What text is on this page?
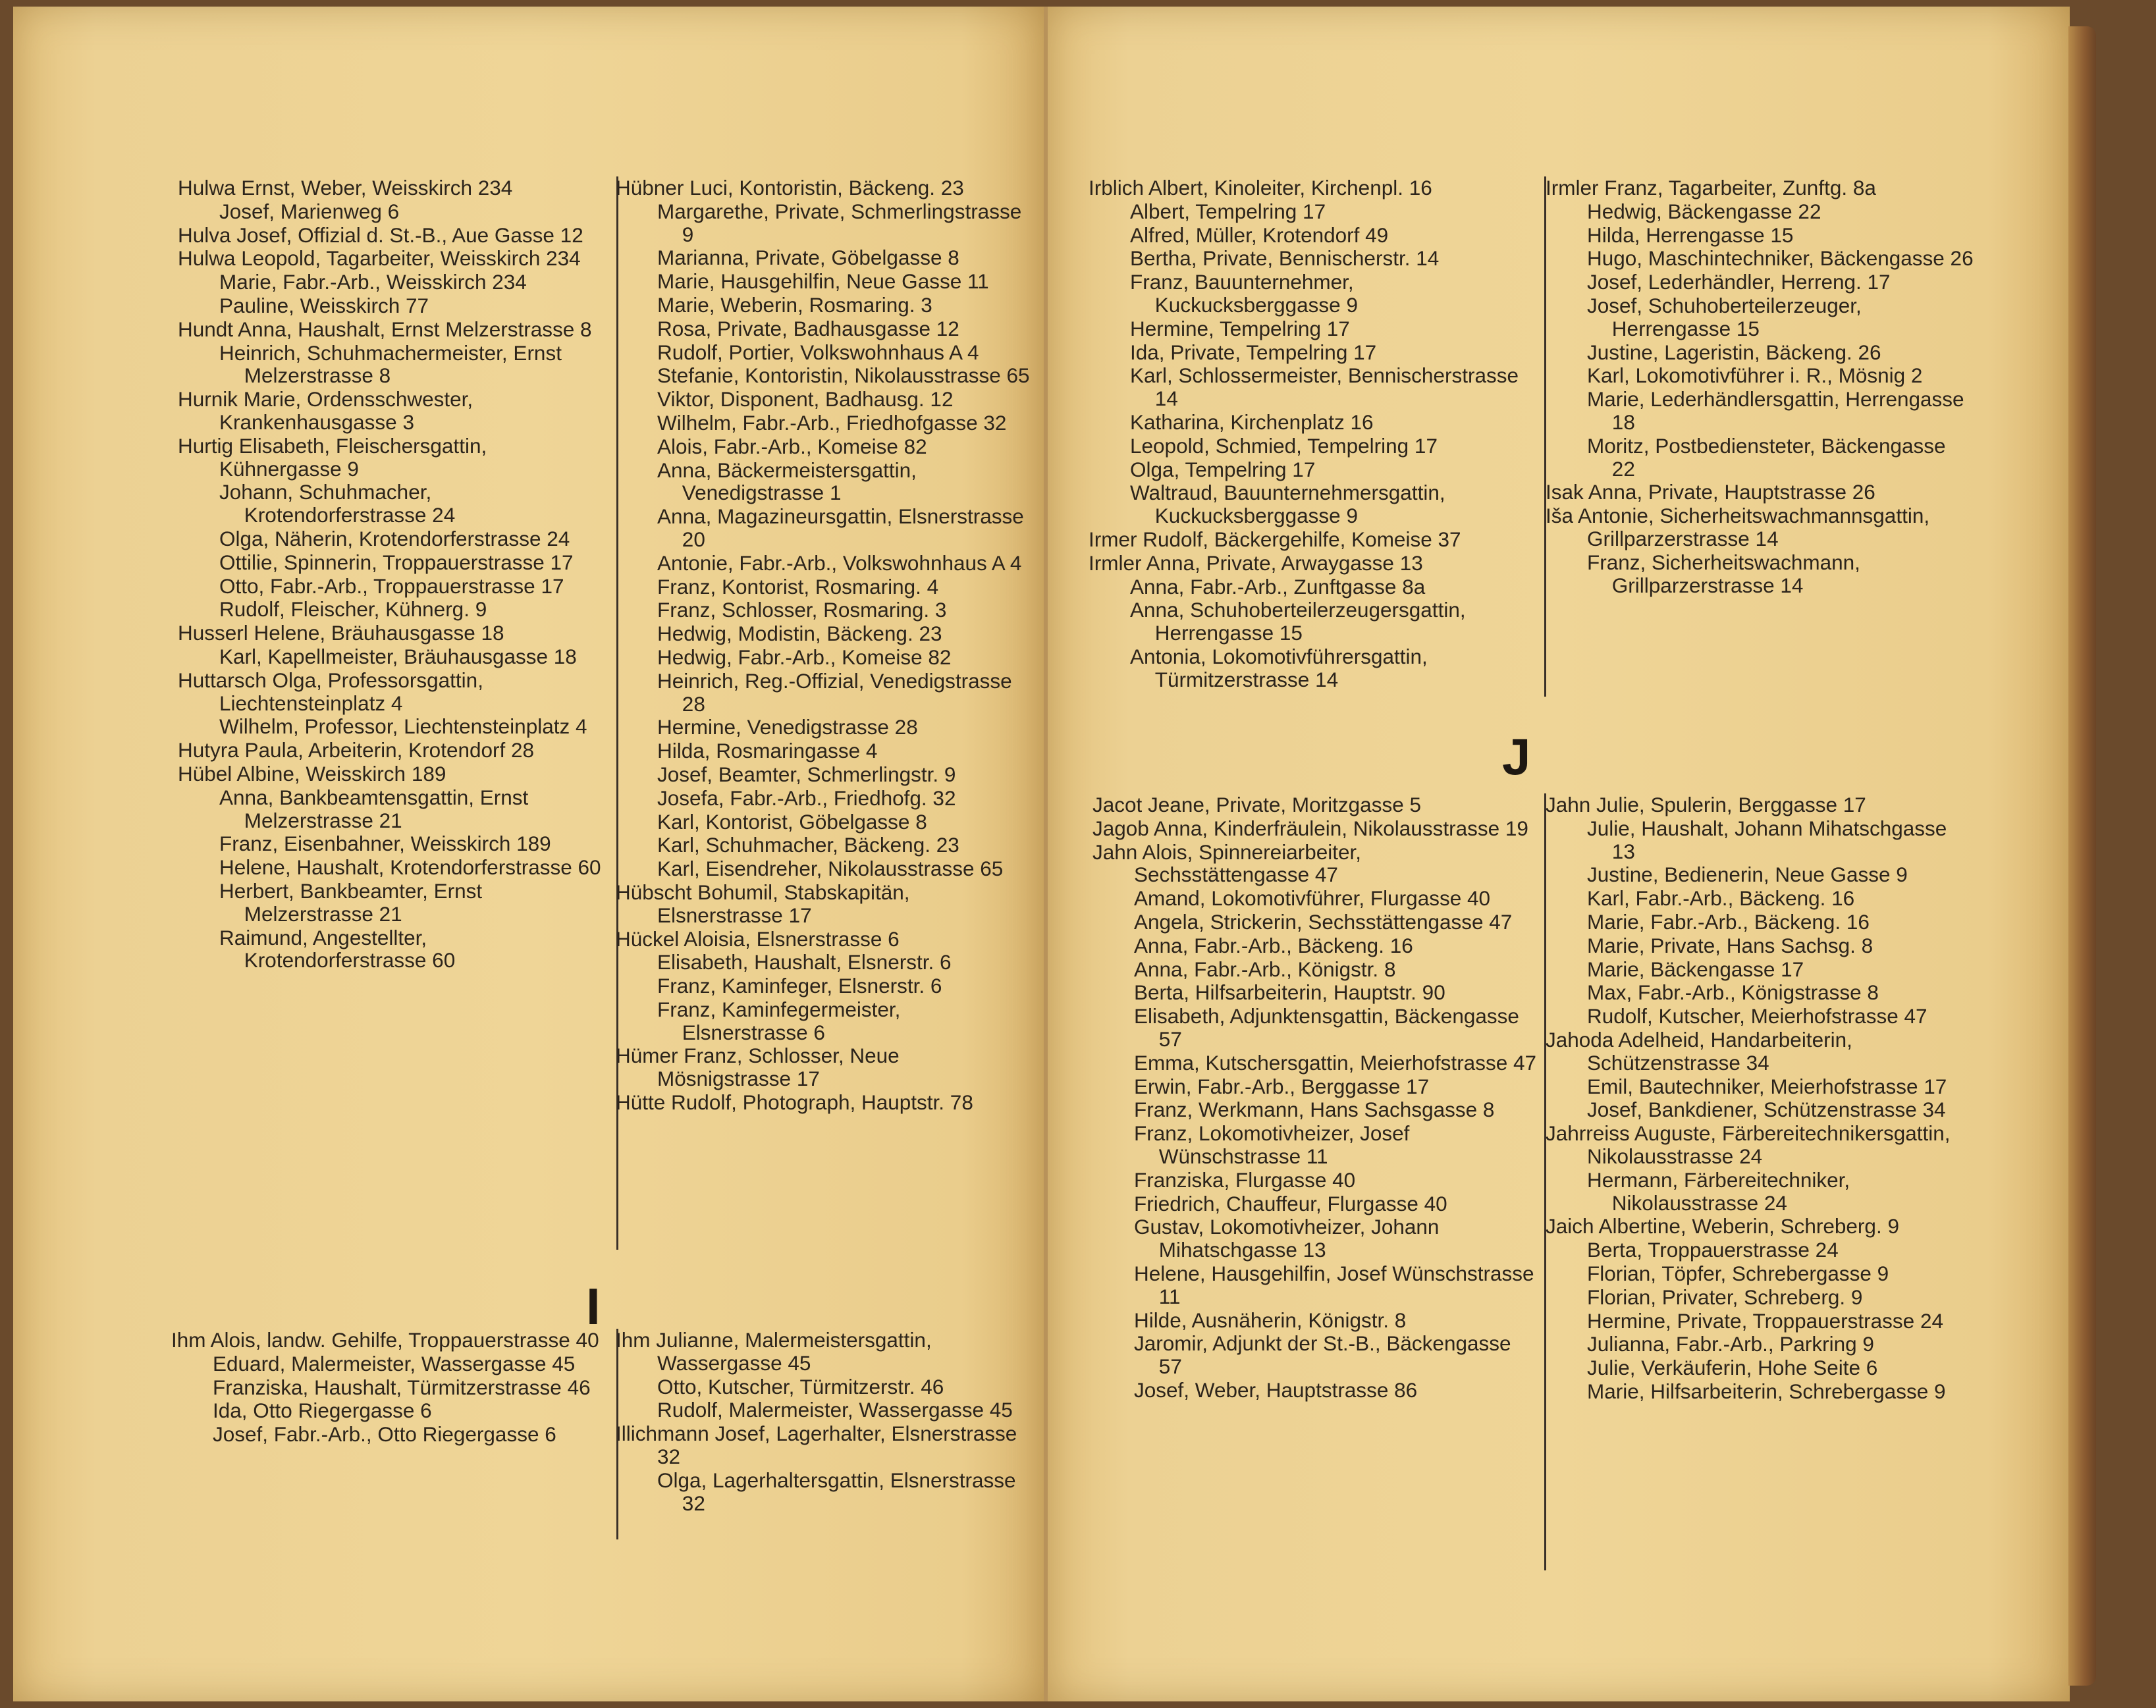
Hulwa Ernst, Weber, Weisskirch 234
Josef, Marienweg 6
Hulva Josef, Offizial d. St.-B., Aue Gasse 12
Hulwa Leopold, Tagarbeiter, Weisskirch 234
Marie, Fabr.-Arb., Weisskirch 234
Pauline, Weisskirch 77
Hundt Anna, Haushalt, Ernst Melzerstrasse 8
Heinrich, Schuhmachermeister, Ernst Melzerstrasse 8
Hurnik Marie, Ordensschwester, Krankenhausgasse 3
Hurtig Elisabeth, Fleischersgattin, Kühnergasse 9
Johann, Schuhmacher, Krotendorferstrasse 24
Olga, Näherin, Krotendorferstrasse 24
Ottilie, Spinnerin, Troppauerstrasse 17
Otto, Fabr.-Arb., Troppauerstrasse 17
Rudolf, Fleischer, Kühnerg. 9
Husserl Helene, Bräuhausgasse 18
Karl, Kapellmeister, Bräuhausgasse 18
Huttarsch Olga, Professorsgattin, Liechtensteinplatz 4
Wilhelm, Professor, Liechtensteinplatz 4
Hutyra Paula, Arbeiterin, Krotendorf 28
Hübel Albine, Weisskirch 189
Anna, Bankbeamtensgattin, Ernst Melzerstrasse 21
Franz, Eisenbahner, Weisskirch 189
Helene, Haushalt, Krotendorferstrasse 60
Herbert, Bankbeamter, Ernst Melzerstrasse 21
Raimund, Angestellter, Krotendorferstrasse 60
Hübner Luci, Kontoristin, Bäckeng. 23
Margarethe, Private, Schmerlingstrasse 9
Marianna, Private, Göbelgasse 8
Marie, Hausgehilfin, Neue Gasse 11
Marie, Weberin, Rosmaring. 3
Rosa, Private, Badhausgasse 12
Rudolf, Portier, Volkswohnhaus A 4
Stefanie, Kontoristin, Nikolausstrasse 65
Viktor, Disponent, Badhausg. 12
Wilhelm, Fabr.-Arb., Friedhofgasse 32
Alois, Fabr.-Arb., Komeise 82
Anna, Bäckermeistersgattin, Venedigstrasse 1
Anna, Magazineursgattin, Elsnerstrasse 20
Antonie, Fabr.-Arb., Volkswohnhaus A 4
Franz, Kontorist, Rosmaring. 4
Franz, Schlosser, Rosmaring. 3
Hedwig, Modistin, Bäckeng. 23
Hedwig, Fabr.-Arb., Komeise 82
Heinrich, Reg.-Offizial, Venedigstrasse 28
Hermine, Venedigstrasse 28
Hilda, Rosmaringasse 4
Josef, Beamter, Schmerlingstr. 9
Josefa, Fabr.-Arb., Friedhofg. 32
Karl, Kontorist, Göbelgasse 8
Karl, Schuhmacher, Bäckeng. 23
Karl, Eisendreher, Nikolausstrasse 65
Hübscht Bohumil, Stabskapitän, Elsnerstrasse 17
Hückel Aloisia, Elsnerstrasse 6
Elisabeth, Haushalt, Elsnerstr. 6
Franz, Kaminfeger, Elsnerstr. 6
Franz, Kaminfegermeister, Elsnerstrasse 6
Hümer Franz, Schlosser, Neue Mösnigstrasse 17
Hütte Rudolf, Photograph, Hauptstr. 78
I
Ihm Alois, landw. Gehilfe, Troppauerstrasse 40
Eduard, Malermeister, Wassergasse 45
Franziska, Haushalt, Türmitzerstrasse 46
Ida, Otto Riegergasse 6
Josef, Fabr.-Arb., Otto Riegergasse 6
Ihm Julianne, Malermeistersgattin, Wassergasse 45
Otto, Kutscher, Türmitzerstr. 46
Rudolf, Malermeister, Wassergasse 45
Illichmann Josef, Lagerhalter, Elsnerstrasse 32
Olga, Lagerhaltersgattin, Elsnerstrasse 32
Irblich Albert, Kinoleiter, Kirchenpl. 16
Albert, Tempelring 17
Alfred, Müller, Krotendorf 49
Bertha, Private, Bennischerstr. 14
Franz, Bauunternehmer, Kuckucksberggasse 9
Hermine, Tempelring 17
Ida, Private, Tempelring 17
Karl, Schlossermeister, Bennischerstrasse 14
Katharina, Kirchenplatz 16
Leopold, Schmied, Tempelring 17
Olga, Tempelring 17
Waltraud, Bauunternehmersgattin, Kuckucksberggasse 9
Irmer Rudolf, Bäckergehilfe, Komeise 37
Irmler Anna, Private, Arwaygasse 13
Anna, Fabr.-Arb., Zunftgasse 8a
Anna, Schuhoberteilerzeugersgattin, Herrengasse 15
Antonia, Lokomotivführersgattin, Türmitzerstrasse 14
Irmler Franz, Tagarbeiter, Zunftg. 8a
Hedwig, Bäckengasse 22
Hilda, Herrengasse 15
Hugo, Maschintechniker, Bäckengasse 26
Josef, Lederhändler, Herreng. 17
Josef, Schuhoberteilerzeuger, Herrengasse 15
Justine, Lageristin, Bäckeng. 26
Karl, Lokomotivführer i. R., Mösnig 2
Marie, Lederhändlersgattin, Herrengasse 18
Moritz, Postbediensteter, Bäckengasse 22
Isak Anna, Private, Hauptstrasse 26
Iša Antonie, Sicherheitswachmannsgattin, Grillparzerstrasse 14
Franz, Sicherheitswachmann, Grillparzerstrasse 14
J
Jacot Jeane, Private, Moritzgasse 5
Jagob Anna, Kinderfräulein, Nikolausstrasse 19
Jahn Alois, Spinnereiarbeiter, Sechsstättengasse 47
Amand, Lokomotivführer, Flurgasse 40
Angela, Strickerin, Sechsstättengasse 47
Anna, Fabr.-Arb., Bäckeng. 16
Anna, Fabr.-Arb., Königstr. 8
Berta, Hilfsarbeiterin, Hauptstr. 90
Elisabeth, Adjunktensgattin, Bäckengasse 57
Emma, Kutschersgattin, Meierhofstrasse 47
Erwin, Fabr.-Arb., Berggasse 17
Franz, Werkmann, Hans Sachsgasse 8
Franz, Lokomotivheizer, Josef Wünschstrasse 11
Franziska, Flurgasse 40
Friedrich, Chauffeur, Flurgasse 40
Gustav, Lokomotivheizer, Johann Mihatschgasse 13
Helene, Hausgehilfin, Josef Wünschstrasse 11
Hilde, Ausnäherin, Königstr. 8
Jaromir, Adjunkt der St.-B., Bäckengasse 57
Josef, Weber, Hauptstrasse 86
Jahn Julie, Spulerin, Berggasse 17
Julie, Haushalt, Johann Mihatschgasse 13
Justine, Bedienerin, Neue Gasse 9
Karl, Fabr.-Arb., Bäckeng. 16
Marie, Fabr.-Arb., Bäckeng. 16
Marie, Private, Hans Sachsg. 8
Marie, Bäckengasse 17
Max, Fabr.-Arb., Königstrasse 8
Rudolf, Kutscher, Meierhofstrasse 47
Jahoda Adelheid, Handarbeiterin, Schützenstrasse 34
Emil, Bautechniker, Meierhofstrasse 17
Josef, Bankdiener, Schützenstrasse 34
Jahrreiss Auguste, Färbereitechnikersgattin, Nikolausstrasse 24
Hermann, Färbereitechniker, Nikolausstrasse 24
Jaich Albertine, Weberin, Schreberg. 9
Berta, Troppauerstrasse 24
Florian, Töpfer, Schrebergasse 9
Florian, Privater, Schreberg. 9
Hermine, Private, Troppauerstrasse 24
Julianna, Fabr.-Arb., Parkring 9
Julie, Verkäuferin, Hohe Seite 6
Marie, Hilfsarbeiterin, Schrebergasse 9
